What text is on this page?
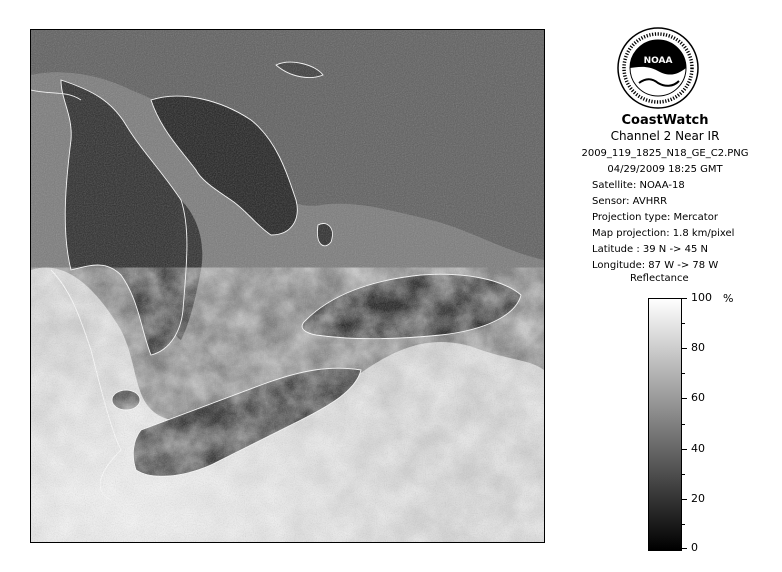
NOAA
CoastWatch
Channel 2 Near IR
2009_119_1825_N18_GE_C2.PNG
04/29/2009 18:25 GMT
Satellite: NOAA-18
Sensor: AVHRR
Projection type: Mercator
Map projection: 1.8 km/pixel
Latitude : 39 N -> 45 N
Longitude: 87 W -> 78 W
Reflectance
%
100
80
60
40
20
0
